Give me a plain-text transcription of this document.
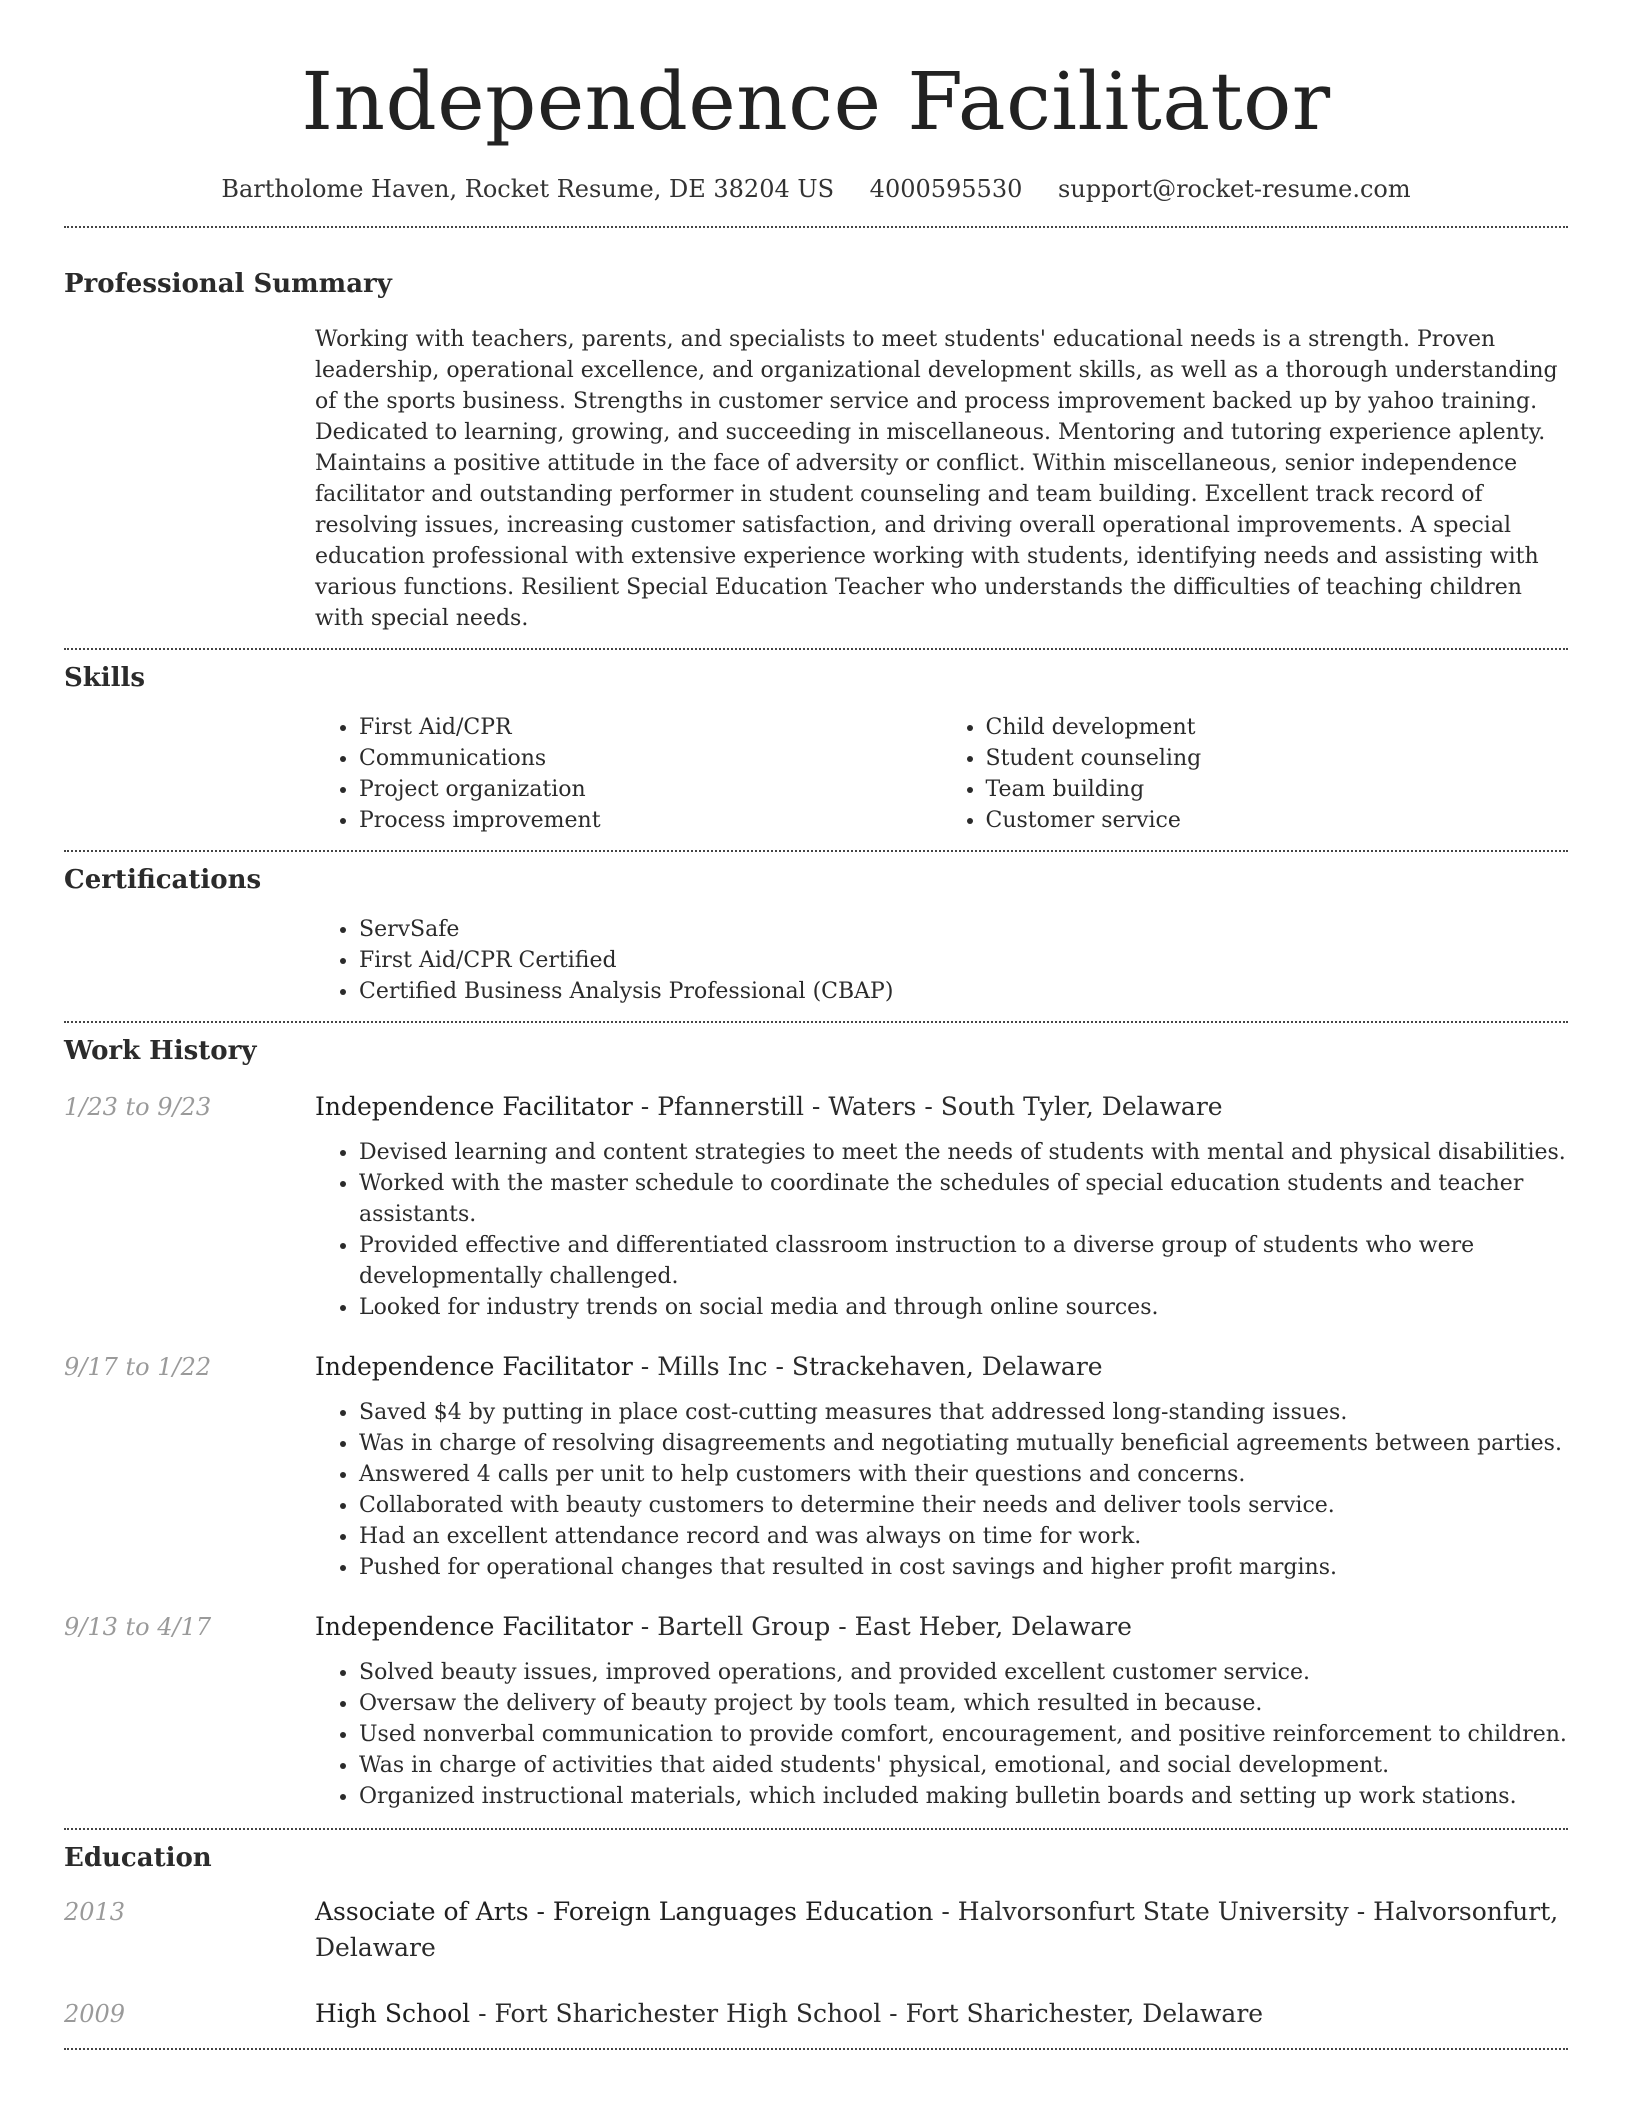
Independence Facilitator
Bartholome Haven, Rocket Resume, DE 38204 US 4000595530 support@rocket-resume.com
Professional Summary

Working with teachers, parents, and specialists to meet students' educational needs is a strength. Proven leadership, operational excellence, and organizational development skills, as well as a thorough understanding of the sports business. Strengths in customer service and process improvement backed up by yahoo training. Dedicated to learning, growing, and succeeding in miscellaneous. Mentoring and tutoring experience aplenty. Maintains a positive attitude in the face of adversity or conflict. Within miscellaneous, senior independence facilitator and outstanding performer in student counseling and team building. Excellent track record of resolving issues, increasing customer satisfaction, and driving overall operational improvements. A special education professional with extensive experience working with students, identifying needs and assisting with various functions. Resilient Special Education Teacher who understands the difficulties of teaching children with special needs.

Skills
• First Aid/CPR
• Communications
• Project organization
• Process improvement
• Child development
• Student counseling
• Team building
• Customer service
Certifications
• ServSafe
• First Aid/CPR Certified
• Certified Business Analysis Professional (CBAP)
Work History
1/23 to 9/23	Independence Facilitator - Pfannerstill - Waters - South Tyler, Delaware
• Devised learning and content strategies to meet the needs of students with mental and physical disabilities.
• Worked with the master schedule to coordinate the schedules of special education students and teacher assistants.
• Provided effective and differentiated classroom instruction to a diverse group of students who were developmentally challenged.
• Looked for industry trends on social media and through online sources.
9/17 to 1/22	Independence Facilitator - Mills Inc - Strackehaven, Delaware
• Saved $4 by putting in place cost-cutting measures that addressed long-standing issues.
• Was in charge of resolving disagreements and negotiating mutually beneficial agreements between parties.
• Answered 4 calls per unit to help customers with their questions and concerns.
• Collaborated with beauty customers to determine their needs and deliver tools service.
• Had an excellent attendance record and was always on time for work.
• Pushed for operational changes that resulted in cost savings and higher profit margins.
9/13 to 4/17	Independence Facilitator - Bartell Group - East Heber, Delaware
• Solved beauty issues, improved operations, and provided excellent customer service.
• Oversaw the delivery of beauty project by tools team, which resulted in because.
• Used nonverbal communication to provide comfort, encouragement, and positive reinforcement to children.
• Was in charge of activities that aided students' physical, emotional, and social development.
• Organized instructional materials, which included making bulletin boards and setting up work stations.
Education
2013	Associate of Arts - Foreign Languages Education - Halvorsonfurt State University - Halvorsonfurt, Delaware
2009	High School - Fort Sharichester High School - Fort Sharichester, Delaware
